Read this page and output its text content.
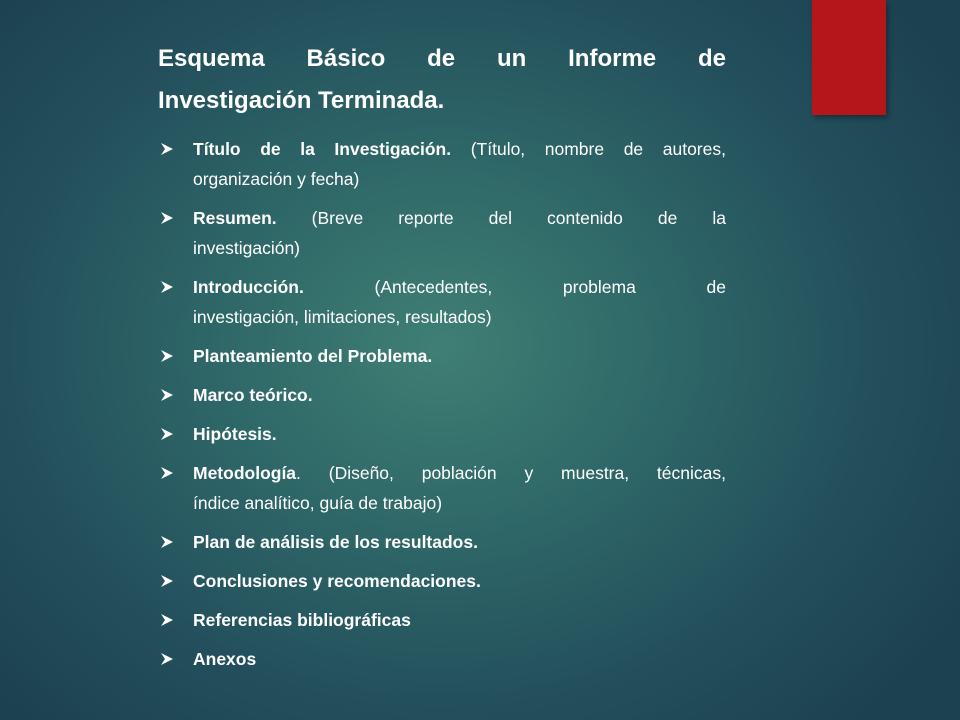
Esquema Básico de un Informe de
Investigación Terminada.
Título de la Investigación. (Título, nombre de autores,
organización y fecha)
Resumen. (Breve reporte del contenido de la
investigación)
Introducción. (Antecedentes, problema de
investigación, limitaciones, resultados)
Planteamiento del Problema.
Marco teórico.
Hipótesis.
Metodología. (Diseño, población y muestra, técnicas,
índice analítico, guía de trabajo)
Plan de análisis de los resultados.
Conclusiones y recomendaciones.
Referencias bibliográficas
Anexos
